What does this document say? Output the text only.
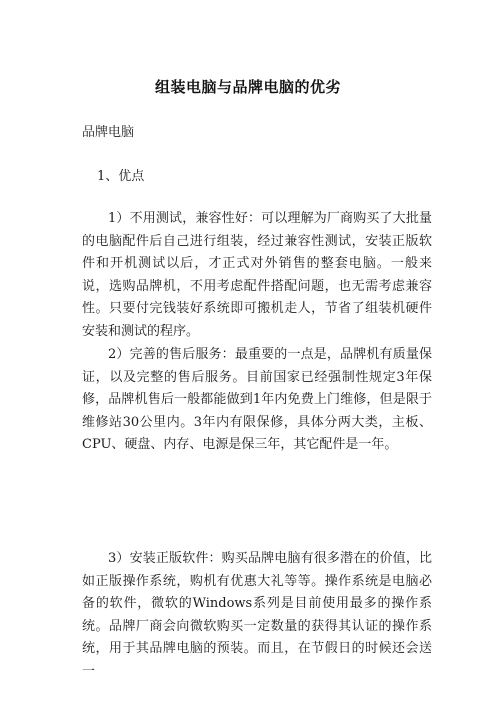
组装电脑与品牌电脑的优劣
品牌电脑
1、优点

1）不用测试，兼容性好：可以理解为厂商购买了大批量的电脑配件后自己进行组装，经过兼容性测试，安装正版软件和开机测试以后，才正式对外销售的整套电脑。一般来说，选购品牌机，不用考虑配件搭配问题，也无需考虑兼容性。只要付完钱装好系统即可搬机走人，节省了组装机硬件安装和测试的程序。

2）完善的售后服务：最重要的一点是，品牌机有质量保证，以及完整的售后服务。目前国家已经强制性规定3年保修，品牌机售后一般都能做到1年内免费上门维修，但是限于维修站30公里内。3年内有限保修，具体分两大类，主板、CPU、硬盘、内存、电源是保三年，其它配件是一年。

3）安装正版软件：购买品牌电脑有很多潜在的价值，比如正版操作系统，购机有优惠大礼等等。操作系统是电脑必备的软件，微软的Windows系列是目前使用最多的操作系统。品牌厂商会向微软购买一定数量的获得其认证的操作系统，用于其品牌电脑的预装。而且，在节假日的时候还会送一
